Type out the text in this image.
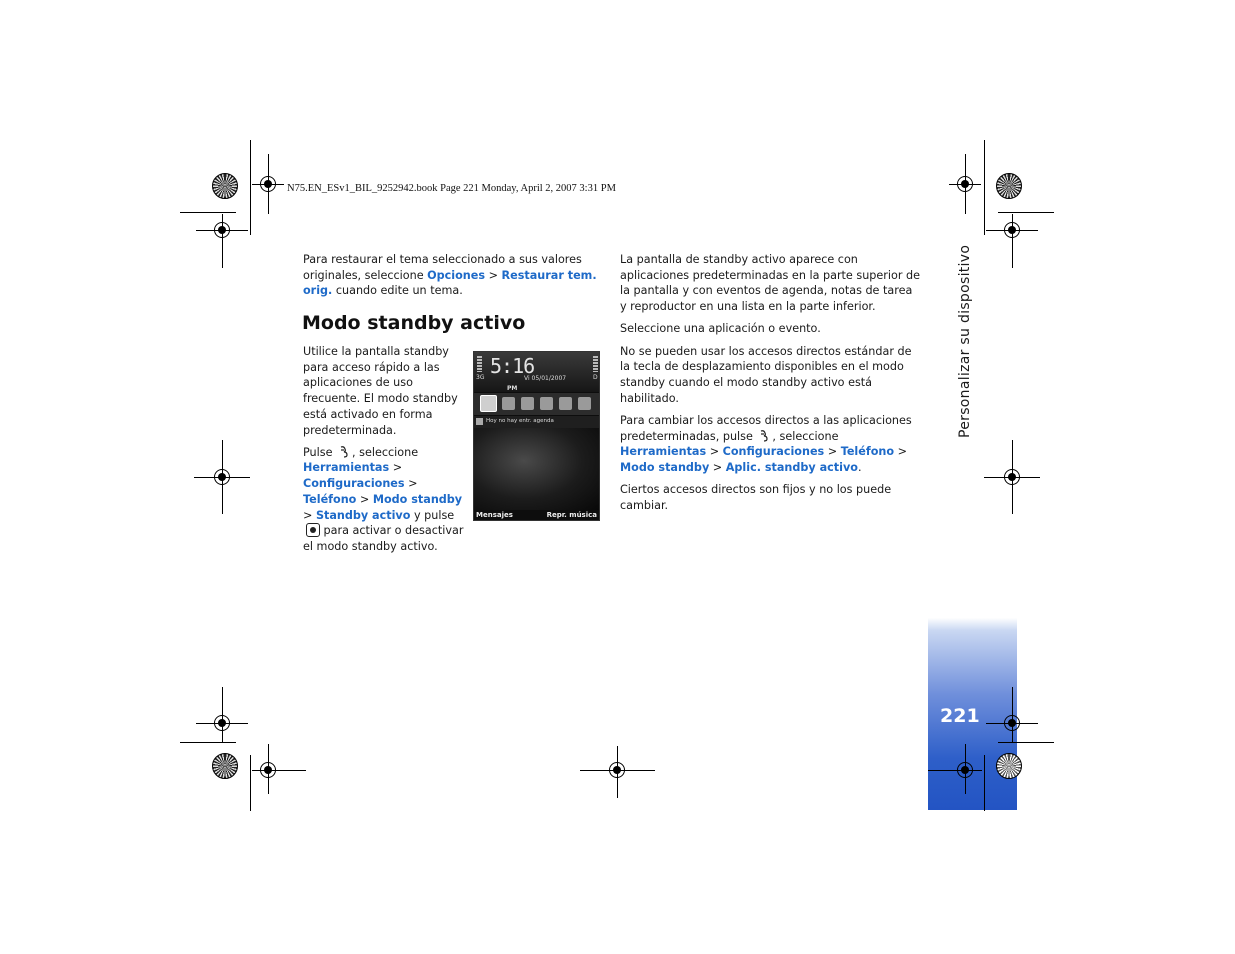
Personalizar su dispositivo
221
N75.EN_ESv1_BIL_9252942.book Page 221 Monday, April 2, 2007 3:31 PM

Para restaurar el tema seleccionado a sus valores originales, seleccione Opciones > Restaurar tem. orig. cuando edite un tema.

Modo standby activo

Utilice la pantalla standby para acceso rápido a las aplicaciones de uso frecuente. El modo standby está activado en forma predeterminada.

Pulse , seleccione Herramientas > Configuraciones > Teléfono > Modo standby > Standby activo y pulse  para activar o desactivar el modo standby activo.

5:16
3G	Vi 05/01/2007	D
PM
Hoy no hay entr. agenda
Mensajes	Repr. música

La pantalla de standby activo aparece con aplicaciones predeterminadas en la parte superior de la pantalla y con eventos de agenda, notas de tarea y reproductor en una lista en la parte inferior.

Seleccione una aplicación o evento.

No se pueden usar los accesos directos estándar de la tecla de desplazamiento disponibles en el modo standby cuando el modo standby activo está habilitado.

Para cambiar los accesos directos a las aplicaciones predeterminadas, pulse , seleccione Herramientas > Configuraciones > Teléfono > Modo standby > Aplic. standby activo.

Ciertos accesos directos son fijos y no los puede cambiar.
